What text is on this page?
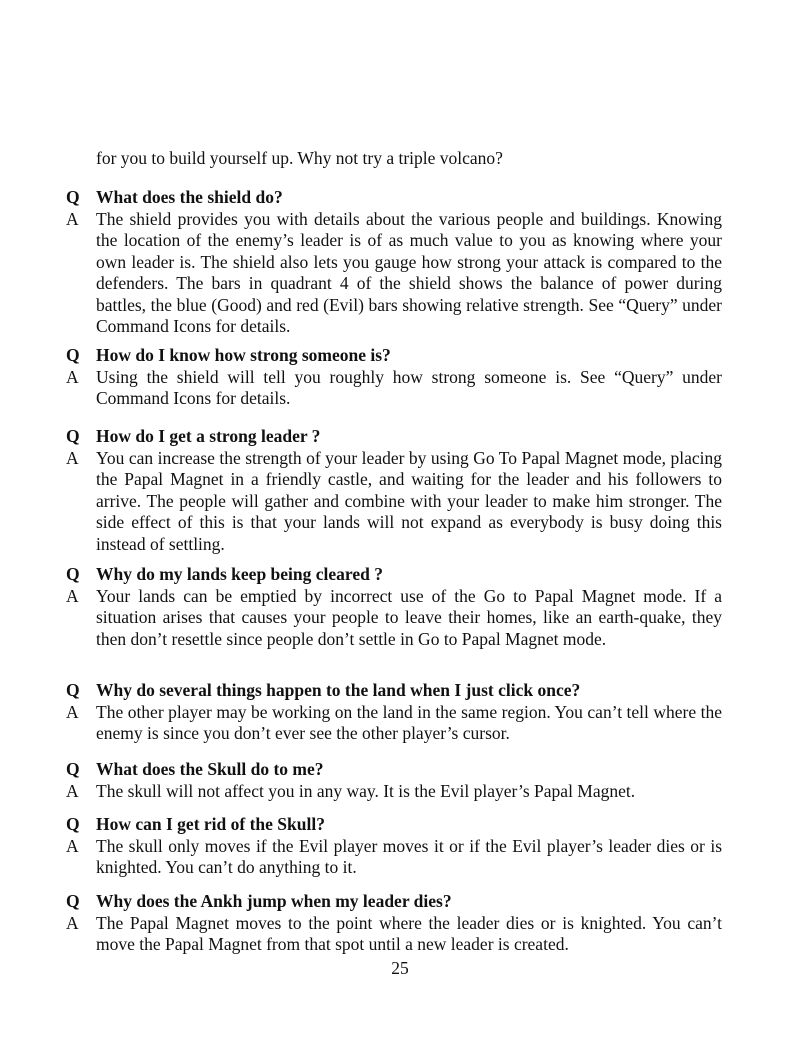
for you to build yourself up. Why not try a triple volcano?

Q What does the shield do?
A The shield provides you with details about the various people and buildings. Knowing the location of the enemy’s leader is of as much value to you as knowing where your own leader is. The shield also lets you gauge how strong your attack is compared to the defenders. The bars in quadrant 4 of the shield shows the balance of power during battles, the blue (Good) and red (Evil) bars showing relative strength. See “Query” under Command Icons for details.
Q How do I know how strong someone is?
A Using the shield will tell you roughly how strong someone is. See “Query” under Command Icons for details.
Q How do I get a strong leader ?
A You can increase the strength of your leader by using Go To Papal Magnet mode, placing the Papal Magnet in a friendly castle, and waiting for the leader and his followers to arrive. The people will gather and combine with your leader to make him stronger. The side effect of this is that your lands will not expand as everybody is busy doing this instead of settling.
Q Why do my lands keep being cleared ?
A Your lands can be emptied by incorrect use of the Go to Papal Magnet mode. If a situation arises that causes your people to leave their homes, like an earth-quake, they then don’t resettle since people don’t settle in Go to Papal Magnet mode.
Q Why do several things happen to the land when I just click once?
A The other player may be working on the land in the same region. You can’t tell where the enemy is since you don’t ever see the other player’s cursor.
Q What does the Skull do to me?
A The skull will not affect you in any way. It is the Evil player’s Papal Magnet.
Q How can I get rid of the Skull?
A The skull only moves if the Evil player moves it or if the Evil player’s leader dies or is knighted. You can’t do anything to it.
Q Why does the Ankh jump when my leader dies?
A The Papal Magnet moves to the point where the leader dies or is knighted. You can’t move the Papal Magnet from that spot until a new leader is created.
25
